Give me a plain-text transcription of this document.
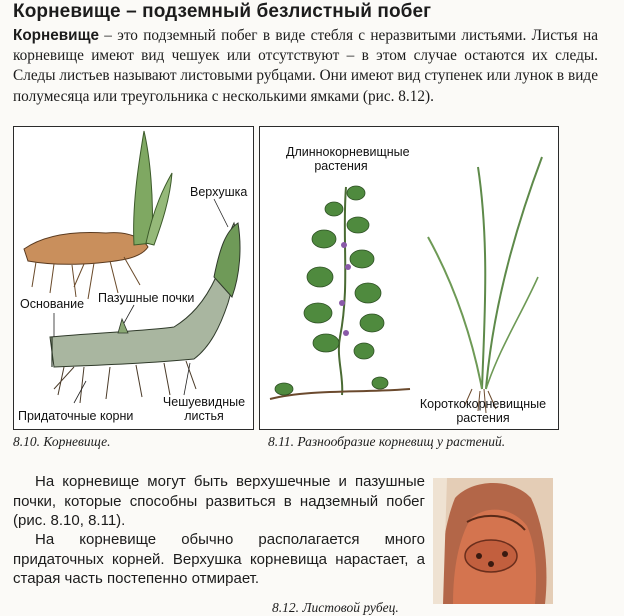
Корневище – подземный безлистный побег
Корневище – это подземный побег в виде стебля с неразвитыми листьями. Листья на корневище имеют вид чешуек или отсутствуют – в этом случае остаются их следы. Следы листьев называют листовыми рубцами. Они имеют вид ступенек или лунок в виде полумесяца или треугольника с несколькими ямками (рис. 8.12).
Верхушка
Основание Пазушные почки
Придаточные корни
Чешуевидные листья
8.10. Корневище.
Длиннокорневищные растения
Короткокорневищные растения
8.11. Разнообразие корневищ у растений.
На корневище могут быть верхушечные и пазушные почки, которые способны развиться в надземный побег (рис. 8.10, 8.11).
На корневище обычно располагается много придаточных корней. Верхушка корневища нарастает, а старая часть постепенно отмирает.
8.12. Листовой рубец.
